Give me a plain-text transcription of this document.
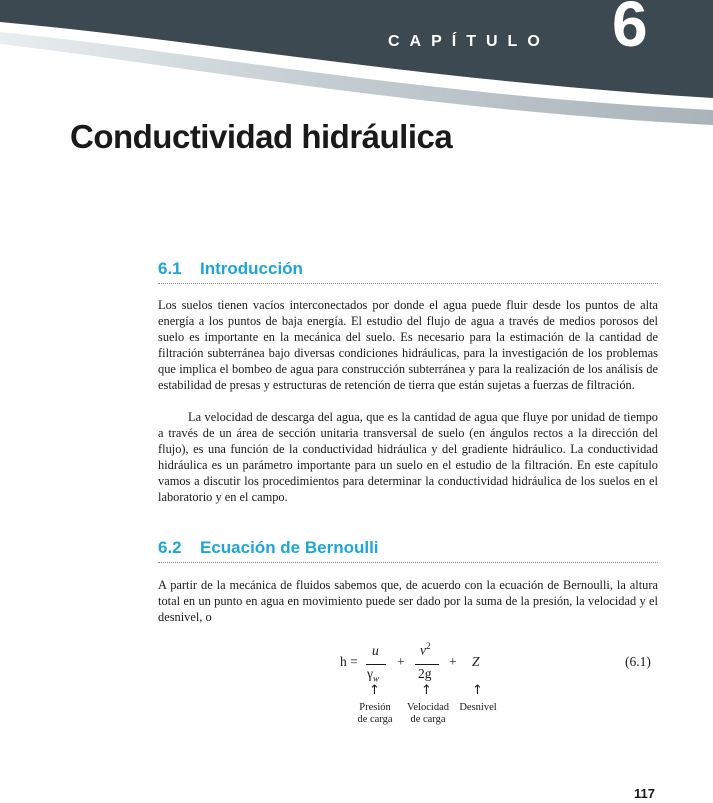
CAPÍTULO 6
Conductividad hidráulica
6.1 Introducción

Los suelos tienen vacíos interconectados por donde el agua puede fluir desde los puntos de alta energía a los puntos de baja energía. El estudio del flujo de agua a través de medios porosos del suelo es importante en la mecánica del suelo. Es necesario para la estimación de la cantidad de filtración subterránea bajo diversas condiciones hidráulicas, para la investigación de los problemas que implica el bombeo de agua para construcción subterránea y para la realización de los análisis de estabilidad de presas y estructuras de retención de tierra que están sujetas a fuerzas de filtración.

La velocidad de descarga del agua, que es la cantidad de agua que fluye por unidad de tiempo a través de un área de sección unitaria transversal de suelo (en ángulos rectos a la dirección del flujo), es una función de la conductividad hidráulica y del gradiente hidráulico. La conductividad hidráulica es un parámetro importante para un suelo en el estudio de la filtración. En este capítulo vamos a discutir los procedimientos para determinar la conductividad hidráulica de los suelos en el laboratorio y en el campo.

6.2 Ecuación de Bernoulli

A partir de la mecánica de fluidos sabemos que, de acuerdo con la ecuación de Bernoulli, la altura total en un punto en agua en movimiento puede ser dado por la suma de la presión, la velocidad y el desnivel, o

h =
u
$\gamma_w$
+
$v^2$
2g
+ Z	(6.1)
↑	↑	↑
Presión
de carga
Velocidad
de carga
Desnivel
117
